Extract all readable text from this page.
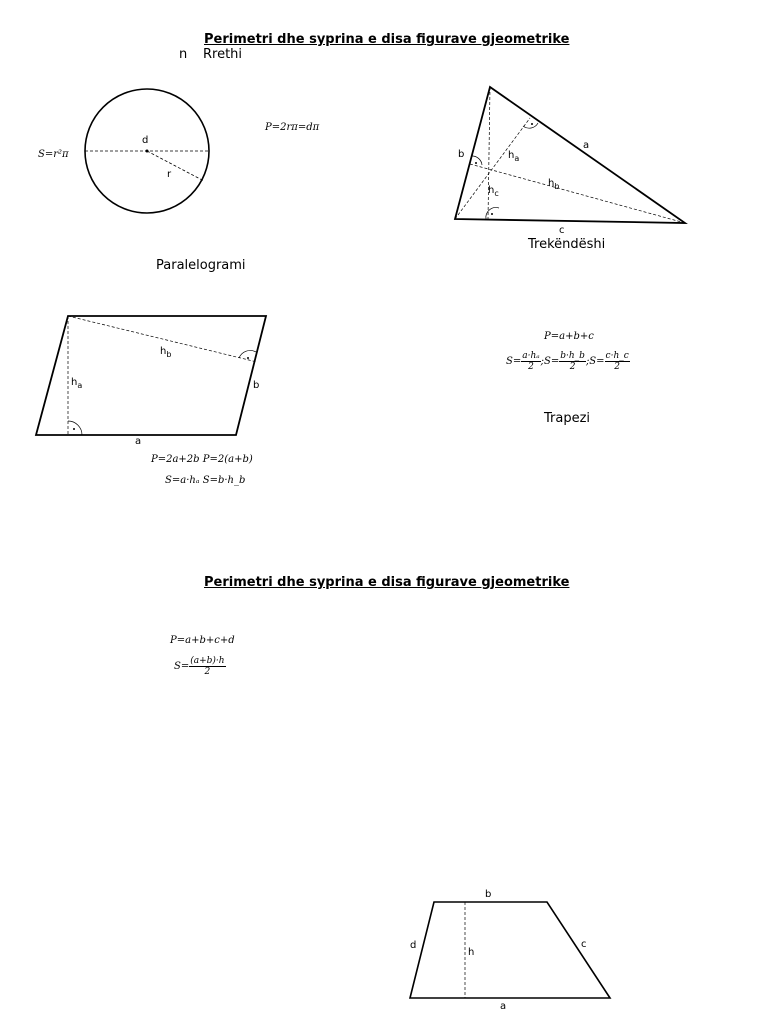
Perimetri dhe syprina e disa figurave gjeometrike
n Rrethi
S=r²π
P=2rπ=dπ
Trekëndëshi
Paralelogrami
P=a+b+c
$S= \frac{\text{a·hₐ}}{2}$ ;S= $\frac{b\cdot h\_b}{2}$ ;S= $\frac{c\cdot h\_c}{2}$
Trapezi
P=2a+2b P=2(a+b)
S=a·hₐ S=b·h_b
Perimetri dhe syprina e disa figurave gjeometrike
P=a+b+c+d
$S= \frac{(a+b)\cdot h}{2}$
d
r
a
b
c
$h_a$
$h_b$
$h_c$
a
b
$h_a$
$h_b$
b
a
c
d
h
